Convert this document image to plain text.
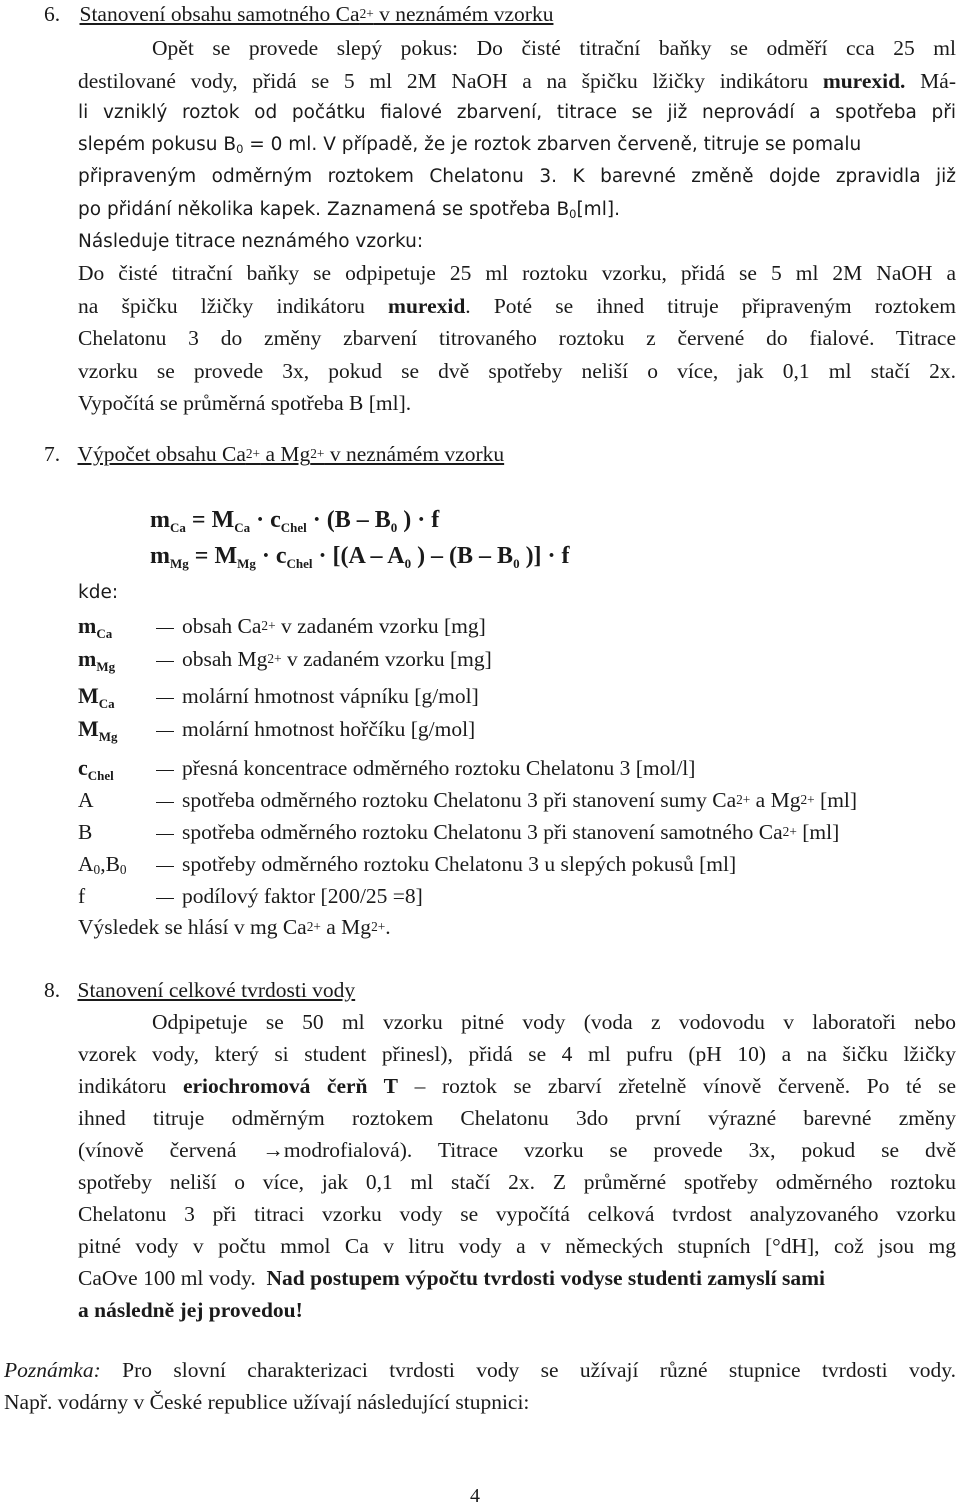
6. Stanovení obsahu samotného $Ca^{2+}$ v neznámém vzorku
Opět se provede slepý pokus: Do čisté titrační baňky se odměří cca 25 ml
destilované vody, přidá se 5 ml 2M NaOH a na špičku lžičky indikátoru murexid. Má-
li vzniklý roztok od počátku fialové zbarvení, titrace se již neprovádí a spotřeba při
slepém pokusu $B_0 = 0$ ml. V případě, že je roztok zbarven červeně, titruje se pomalu
připraveným odměrným roztokem Chelatonu 3. K barevné změně dojde zpravidla již
po přidání několika kapek. Zaznamená se spotřeba $B_0[ml]$.
Následuje titrace neznámého vzorku:
Do čisté titrační baňky se odpipetuje 25 ml roztoku vzorku, přidá se 5 ml 2M NaOH a
na špičku lžičky indikátoru murexid. Poté se ihned titruje připraveným roztokem
Chelatonu 3 do změny zbarvení titrovaného roztoku z červené do fialové. Titrace
vzorku se provede 3x, pokud se dvě spotřeby neliší o více, jak 0,1 ml stačí 2x.
Vypočítá se průměrná spotřeba B [ml].
7. Výpočet obsahu $Ca^{2+}$ a $Mg^{2+}$ v neznámém vzorku
$m_{Ca} = M_{Ca} \cdot c_{Chel} \cdot (B - B_0$ ) · f
$m_{Mg} = M_{Mg} \cdot c_{Chel} \cdot [(A - A_0$ ) – ($B - B_0$ )] · f
kde:
$m_{Ca}$	obsah $Ca^{2+}$ v zadaném vzorku [mg]
$m_{Mg}$	obsah $Mg^{2+}$ v zadaném vzorku [mg]
$M_{Ca}$	molární hmotnost vápníku [g/mol]
$M_{Mg}$	molární hmotnost hořčíku [g/mol]
$c_{Chel}$	přesná koncentrace odměrného roztoku Chelatonu 3 [mol/l]
A	spotřeba odměrného roztoku Chelatonu 3 při stanovení sumy $Ca^{2+}$ a $Mg^{2+}$ [ml]
B	spotřeba odměrného roztoku Chelatonu 3 při stanovení samotného $Ca^{2+}$ [ml]
$A_0,B_0$	spotřeby odměrného roztoku Chelatonu 3 u slepých pokusů [ml]
f	podílový faktor [200/25 =8]
Výsledek se hlásí v mg $Ca^{2+}$ a $Mg^{2+}$.
8. Stanovení celkové tvrdosti vody
Odpipetuje se 50 ml vzorku pitné vody (voda z vodovodu v laboratoři nebo
vzorek vody, který si student přinesl), přidá se 4 ml pufru (pH 10) a na šičku lžičky
indikátoru eriochromová čerň T – roztok se zbarví zřetelně vínově červeně. Po té se
ihned titruje odměrným roztokem Chelatonu 3do první výrazné barevné změny
(vínově červená →modrofialová). Titrace vzorku se provede 3x, pokud se dvě
spotřeby neliší o více, jak 0,1 ml stačí 2x. Z průměrné spotřeby odměrného roztoku
Chelatonu 3 při titraci vzorku vody se vypočítá celková tvrdost analyzovaného vzorku
pitné vody v počtu mmol Ca v litru vody a v německých stupních [°dH], což jsou mg
CaOve 100 ml vody. Nad postupem výpočtu tvrdosti vodyse studenti zamyslí sami
a následně jej provedou!
Poznámka: Pro slovní charakterizaci tvrdosti vody se užívají různé stupnice tvrdosti vody.
Např. vodárny v České republice užívají následující stupnici:
4
